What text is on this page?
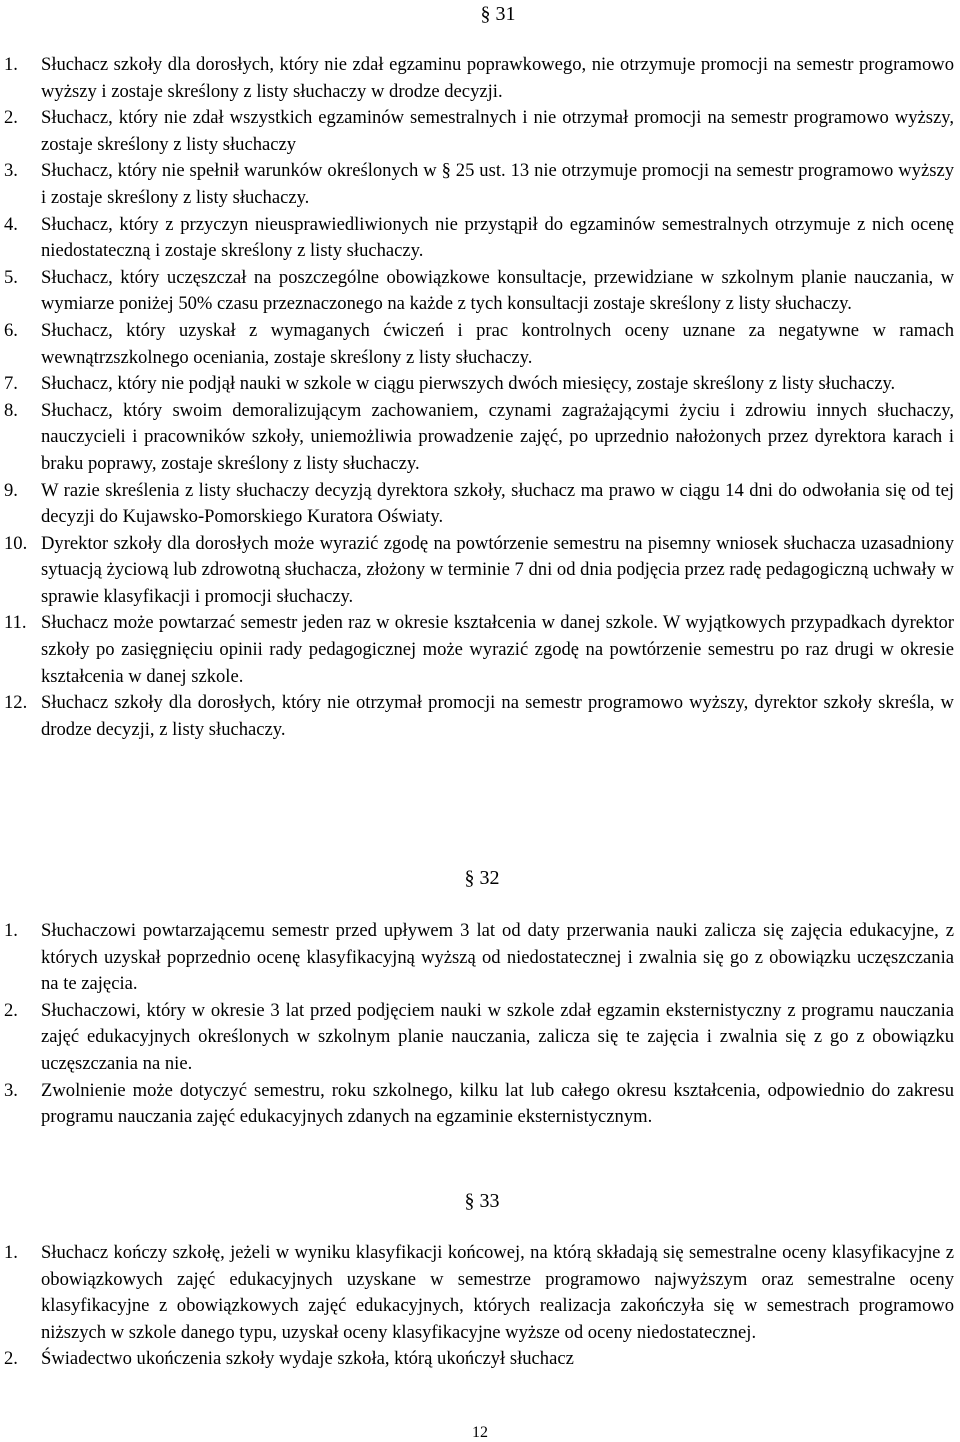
§ 31
1. Słuchacz szkoły dla dorosłych, który nie zdał egzaminu poprawkowego, nie otrzymuje promocji na semestr programowo wyższy i zostaje skreślony z listy słuchaczy w drodze decyzji.
2. Słuchacz, który nie zdał wszystkich egzaminów semestralnych i nie otrzymał promocji na semestr programowo wyższy, zostaje skreślony z listy słuchaczy
3. Słuchacz, który nie spełnił warunków określonych w § 25 ust. 13 nie otrzymuje promocji na semestr programowo wyższy i zostaje skreślony z listy słuchaczy.
4. Słuchacz, który z przyczyn nieusprawiedliwionych nie przystąpił do egzaminów semestralnych otrzymuje z nich ocenę niedostateczną i zostaje skreślony z listy słuchaczy.
5. Słuchacz, który uczęszczał na poszczególne obowiązkowe konsultacje, przewidziane w szkolnym planie nauczania, w wymiarze poniżej 50% czasu przeznaczonego na każde z tych konsultacji zostaje skreślony z listy słuchaczy.
6. Słuchacz, który uzyskał z wymaganych ćwiczeń i prac kontrolnych oceny uznane za negatywne w ramach wewnątrzszkolnego oceniania, zostaje skreślony z listy słuchaczy.
7. Słuchacz, który nie podjął nauki w szkole w ciągu pierwszych dwóch miesięcy, zostaje skreślony z listy słuchaczy.
8. Słuchacz, który swoim demoralizującym zachowaniem, czynami zagrażającymi życiu i zdrowiu innych słuchaczy, nauczycieli i pracowników szkoły, uniemożliwia prowadzenie zajęć, po uprzednio nałożonych przez dyrektora karach i braku poprawy, zostaje skreślony z listy słuchaczy.
9. W razie skreślenia z listy słuchaczy decyzją dyrektora szkoły, słuchacz ma prawo w ciągu 14 dni do odwołania się od tej decyzji do Kujawsko-Pomorskiego Kuratora Oświaty.
10. Dyrektor szkoły dla dorosłych może wyrazić zgodę na powtórzenie semestru na pisemny wniosek słuchacza uzasadniony sytuacją życiową lub zdrowotną słuchacza, złożony w terminie 7 dni od dnia podjęcia przez radę pedagogiczną uchwały w sprawie klasyfikacji i promocji słuchaczy.
11. Słuchacz może powtarzać semestr jeden raz w okresie kształcenia w danej szkole. W wyjątkowych przypadkach dyrektor szkoły po zasięgnięciu opinii rady pedagogicznej może wyrazić zgodę na powtórzenie semestru po raz drugi w okresie kształcenia w danej szkole.
12. Słuchacz szkoły dla dorosłych, który nie otrzymał promocji na semestr programowo wyższy, dyrektor szkoły skreśla, w drodze decyzji, z listy słuchaczy.
§ 32
1. Słuchaczowi powtarzającemu semestr przed upływem 3 lat od daty przerwania nauki zalicza się zajęcia edukacyjne, z których uzyskał poprzednio ocenę klasyfikacyjną wyższą od niedostatecznej i zwalnia się go z obowiązku uczęszczania na te zajęcia.
2. Słuchaczowi, który w okresie 3 lat przed podjęciem nauki w szkole zdał egzamin eksternistyczny z programu nauczania zajęć edukacyjnych określonych w szkolnym planie nauczania, zalicza się te zajęcia i zwalnia się z go z obowiązku uczęszczania na nie.
3. Zwolnienie może dotyczyć semestru, roku szkolnego, kilku lat lub całego okresu kształcenia, odpowiednio do zakresu programu nauczania zajęć edukacyjnych zdanych na egzaminie eksternistycznym.
§ 33
1. Słuchacz kończy szkołę, jeżeli w wyniku klasyfikacji końcowej, na którą składają się semestralne oceny klasyfikacyjne z obowiązkowych zajęć edukacyjnych uzyskane w semestrze programowo najwyższym oraz semestralne oceny klasyfikacyjne z obowiązkowych zajęć edukacyjnych, których realizacja zakończyła się w semestrach programowo niższych w szkole danego typu, uzyskał oceny klasyfikacyjne wyższe od oceny niedostatecznej.
2. Świadectwo ukończenia szkoły wydaje szkoła, którą ukończył słuchacz
12
